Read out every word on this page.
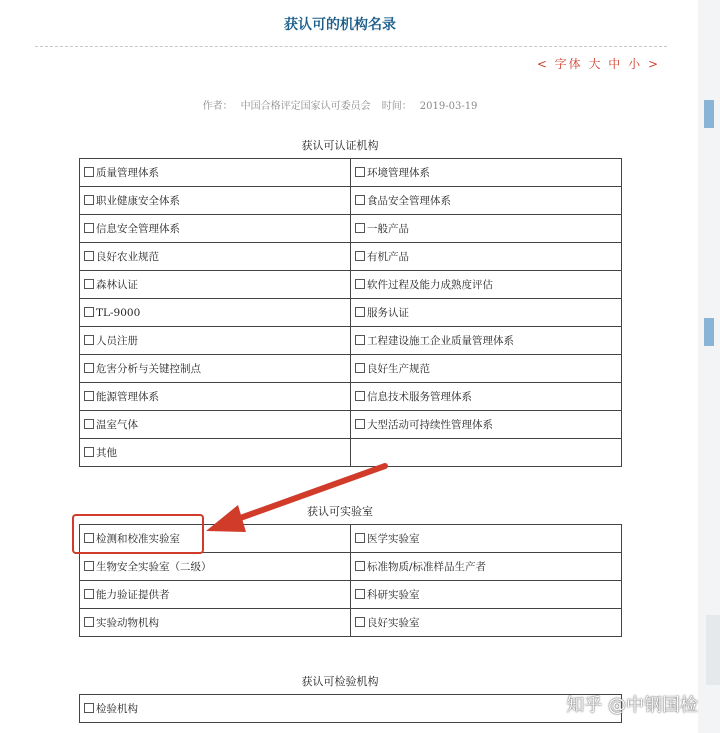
获认可的机构名录
< 字体 大 中 小 >
作者： 中国合格评定国家认可委员会 时间： 2019-03-19
获认可认证机构
质量管理体系	环境管理体系
职业健康安全体系	食品安全管理体系
信息安全管理体系	一般产品
良好农业规范	有机产品
森林认证	软件过程及能力成熟度评估
TL-9000	服务认证
人员注册	工程建设施工企业质量管理体系
危害分析与关键控制点	良好生产规范
能源管理体系	信息技术服务管理体系
温室气体	大型活动可持续性管理体系
其他	
获认可实验室
检测和校准实验室	医学实验室
生物安全实验室（二级）	标准物质/标准样品生产者
能力验证提供者	科研实验室
实验动物机构	良好实验室
获认可检验机构
检验机构	知乎 @中钢国检
